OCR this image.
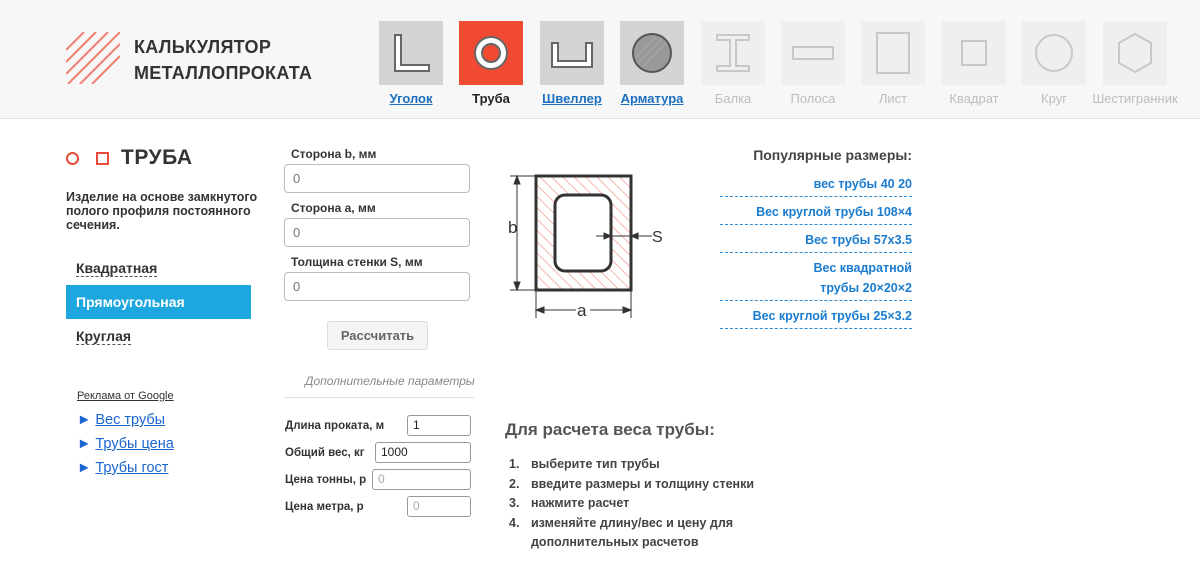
КАЛЬКУЛЯТОР
МЕТАЛЛОПРОКАТА
Уголок	Труба Швеллер Арматура Балка	Полоса	Лист	Квадрат	Круг Шестигранник
ТРУБА
Изделие на основе замкнутого полого профиля постоянного сечения.
Квадратная
Прямоугольная
Круглая
Реклама от Google
► Вес трубы
► Трубы цена
► Трубы гост
Сторона b, мм
0
Сторона a, мм
0
Толщина стенки S, мм
0
Рассчитать
Дополнительные параметры
Длина проката, м	1
Общий вес, кг	1000
Цена тонны, р 0
Цена метра, р	0
b
a
S
Популярные размеры:
вес трубы 40 20
Вес круглой трубы 108×4
Вес трубы 57х3.5
Вес квадратной трубы 20×20×2
Вес круглой трубы 25×3.2
Для расчета веса трубы:
1. выберите тип трубы
2. введите размеры и толщину стенки
3. нажмите расчет
4. изменяйте длину/вес и цену для дополнительных расчетов
